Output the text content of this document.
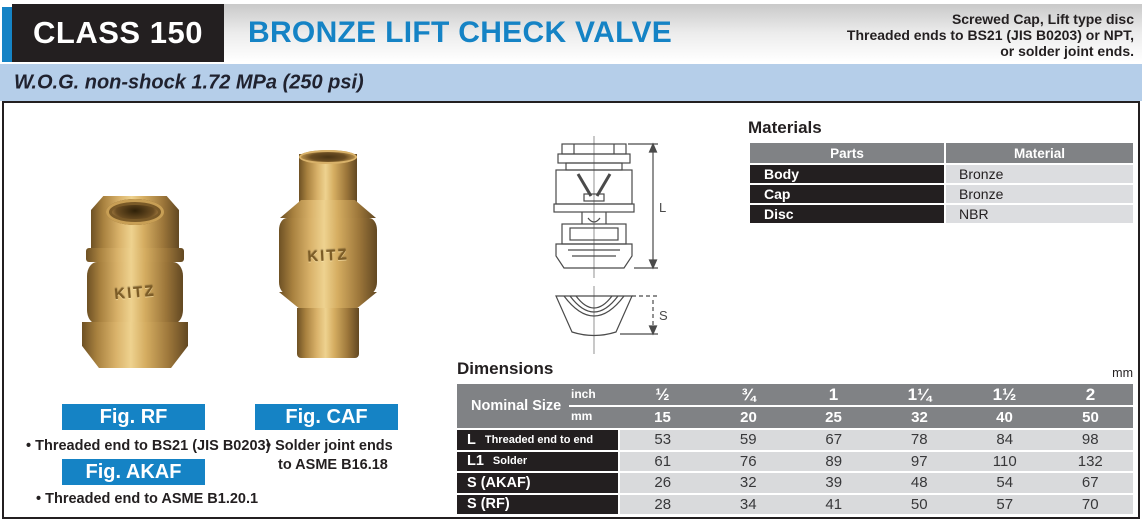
CLASS 150 BRONZE LIFT CHECK VALVE	Screwed Cap, Lift type disc
Threaded ends to BS21 (JIS B0203) or NPT,
or solder joint ends.
W.O.G. non-shock 1.72 MPa (250 psi)
KITZ
KITZ
Fig. RF
• Threaded end to BS21 (JIS B0203)
Fig. AKAF
• Threaded end to ASME B1.20.1
Fig. CAF
• Solder joint ends
to ASME B16.18
L
S
Materials
Parts	Material
Body	Bronze
Cap	Bronze
Disc	NBR
Dimensions	mm
Nominal Size
inch
mm
½	¾	1	1¼	1½	2
15	20	25	32	40	50
L Threaded end to end	53	59	67	78	84	98
L1 Solder	61	76	89	97	110	132
S (AKAF)	26	32	39	48	54	67
S (RF)	28	34	41	50	57	70
